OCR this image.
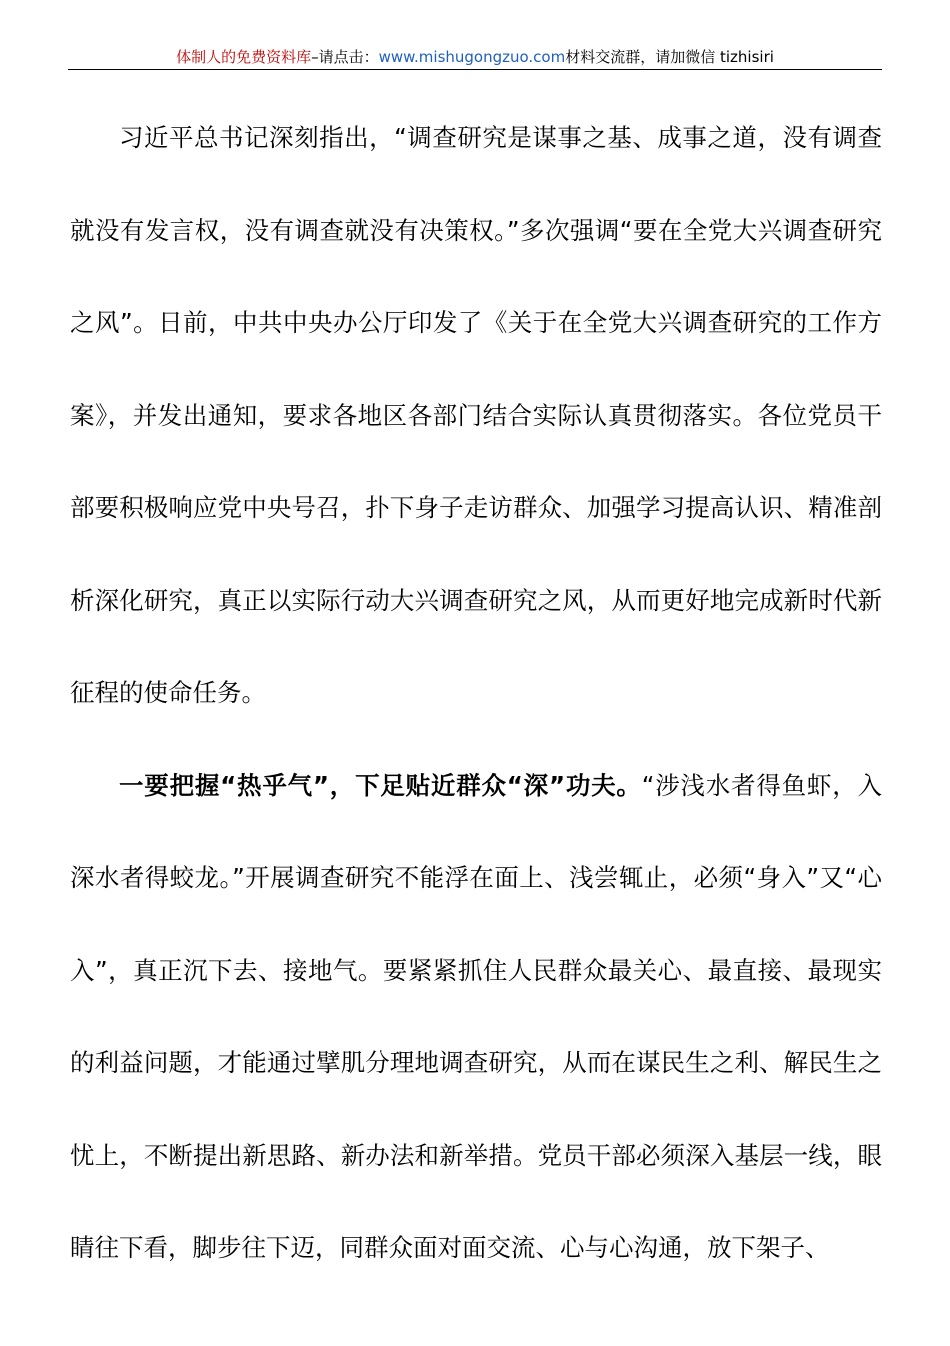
体制人的免费资料库–请点击：www.mishugongzuo.com材料交流群，请加微信 tizhisiri

习近平总书记深刻指出，“调查研究是谋事之基、成事之道，没有调查就没有发言权，没有调查就没有决策权。”多次强调“要在全党大兴调查研究之风”。日前，中共中央办公厅印发了《关于在全党大兴调查研究的工作方案》，并发出通知，要求各地区各部门结合实际认真贯彻落实。各位党员干部要积极响应党中央号召，扑下身子走访群众、加强学习提高认识、精准剖析深化研究，真正以实际行动大兴调查研究之风，从而更好地完成新时代新征程的使命任务。

一要把握“热乎气”，下足贴近群众“深”功夫。“涉浅水者得鱼虾，入深水者得蛟龙。”开展调查研究不能浮在面上、浅尝辄止，必须“身入”又“心入”，真正沉下去、接地气。要紧紧抓住人民群众最关心、最直接、最现实的利益问题，才能通过擘肌分理地调查研究，从而在谋民生之利、解民生之忧上，不断提出新思路、新办法和新举措。党员干部必须深入基层一线，眼睛往下看，脚步往下迈，同群众面对面交流、心与心沟通，放下架子、
